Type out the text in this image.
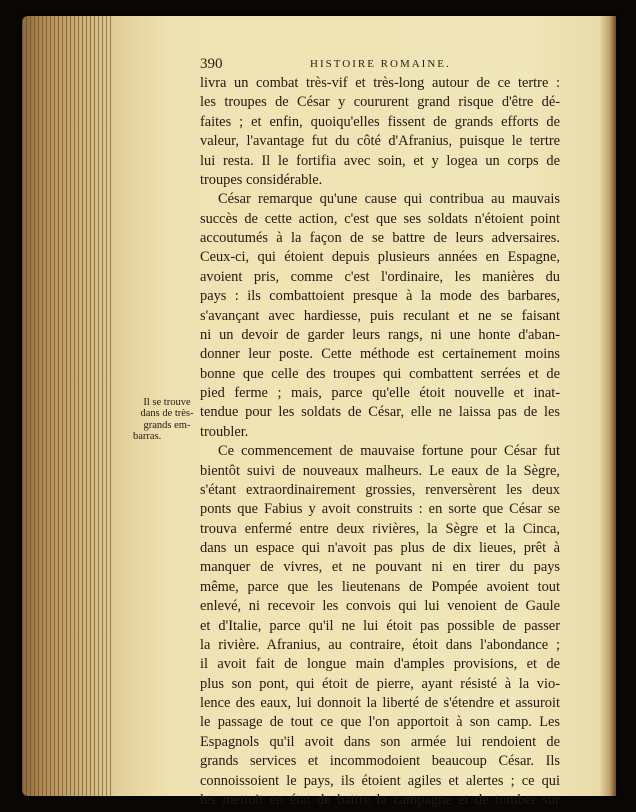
390	HISTOIRE ROMAINE.
Il se trouve
dans de très-
grands em-
barras.
livra un combat très-vif et très-long autour de ce tertre :
les troupes de César y coururent grand risque d'être dé-
faites ; et enfin, quoiqu'elles fissent de grands efforts de
valeur, l'avantage fut du côté d'Afranius, puisque le tertre
lui resta. Il le fortifia avec soin, et y logea un corps de
troupes considérable.
César remarque qu'une cause qui contribua au mauvais
succès de cette action, c'est que ses soldats n'étoient point
accoutumés à la façon de se battre de leurs adversaires.
Ceux-ci, qui étoient depuis plusieurs années en Espagne,
avoient pris, comme c'est l'ordinaire, les manières du
pays : ils combattoient presque à la mode des barbares,
s'avançant avec hardiesse, puis reculant et ne se faisant
ni un devoir de garder leurs rangs, ni une honte d'aban-
donner leur poste. Cette méthode est certainement moins
bonne que celle des troupes qui combattent serrées et de
pied ferme ; mais, parce qu'elle étoit nouvelle et inat-
tendue pour les soldats de César, elle ne laissa pas de les
troubler.
Ce commencement de mauvaise fortune pour César fut
bientôt suivi de nouveaux malheurs. Le eaux de la Sègre,
s'étant extraordinairement grossies, renversèrent les deux
ponts que Fabius y avoit construits : en sorte que César se
trouva enfermé entre deux rivières, la Sègre et la Cinca,
dans un espace qui n'avoit pas plus de dix lieues, prêt à
manquer de vivres, et ne pouvant ni en tirer du pays
même, parce que les lieutenans de Pompée avoient tout
enlevé, ni recevoir les convois qui lui venoient de Gaule
et d'Italie, parce qu'il ne lui étoit pas possible de passer
la rivière. Afranius, au contraire, étoit dans l'abondance ;
il avoit fait de longue main d'amples provisions, et de
plus son pont, qui étoit de pierre, ayant résisté à la vio-
lence des eaux, lui donnoit la liberté de s'étendre et assuroit
le passage de tout ce que l'on apportoit à son camp. Les
Espagnols qu'il avoit dans son armée lui rendoient de
grands services et incommodoient beaucoup César. Ils
connoissoient le pays, ils étoient agiles et alertes ; ce qui
les mettoit en état de battre la campagne et de tomber sur
